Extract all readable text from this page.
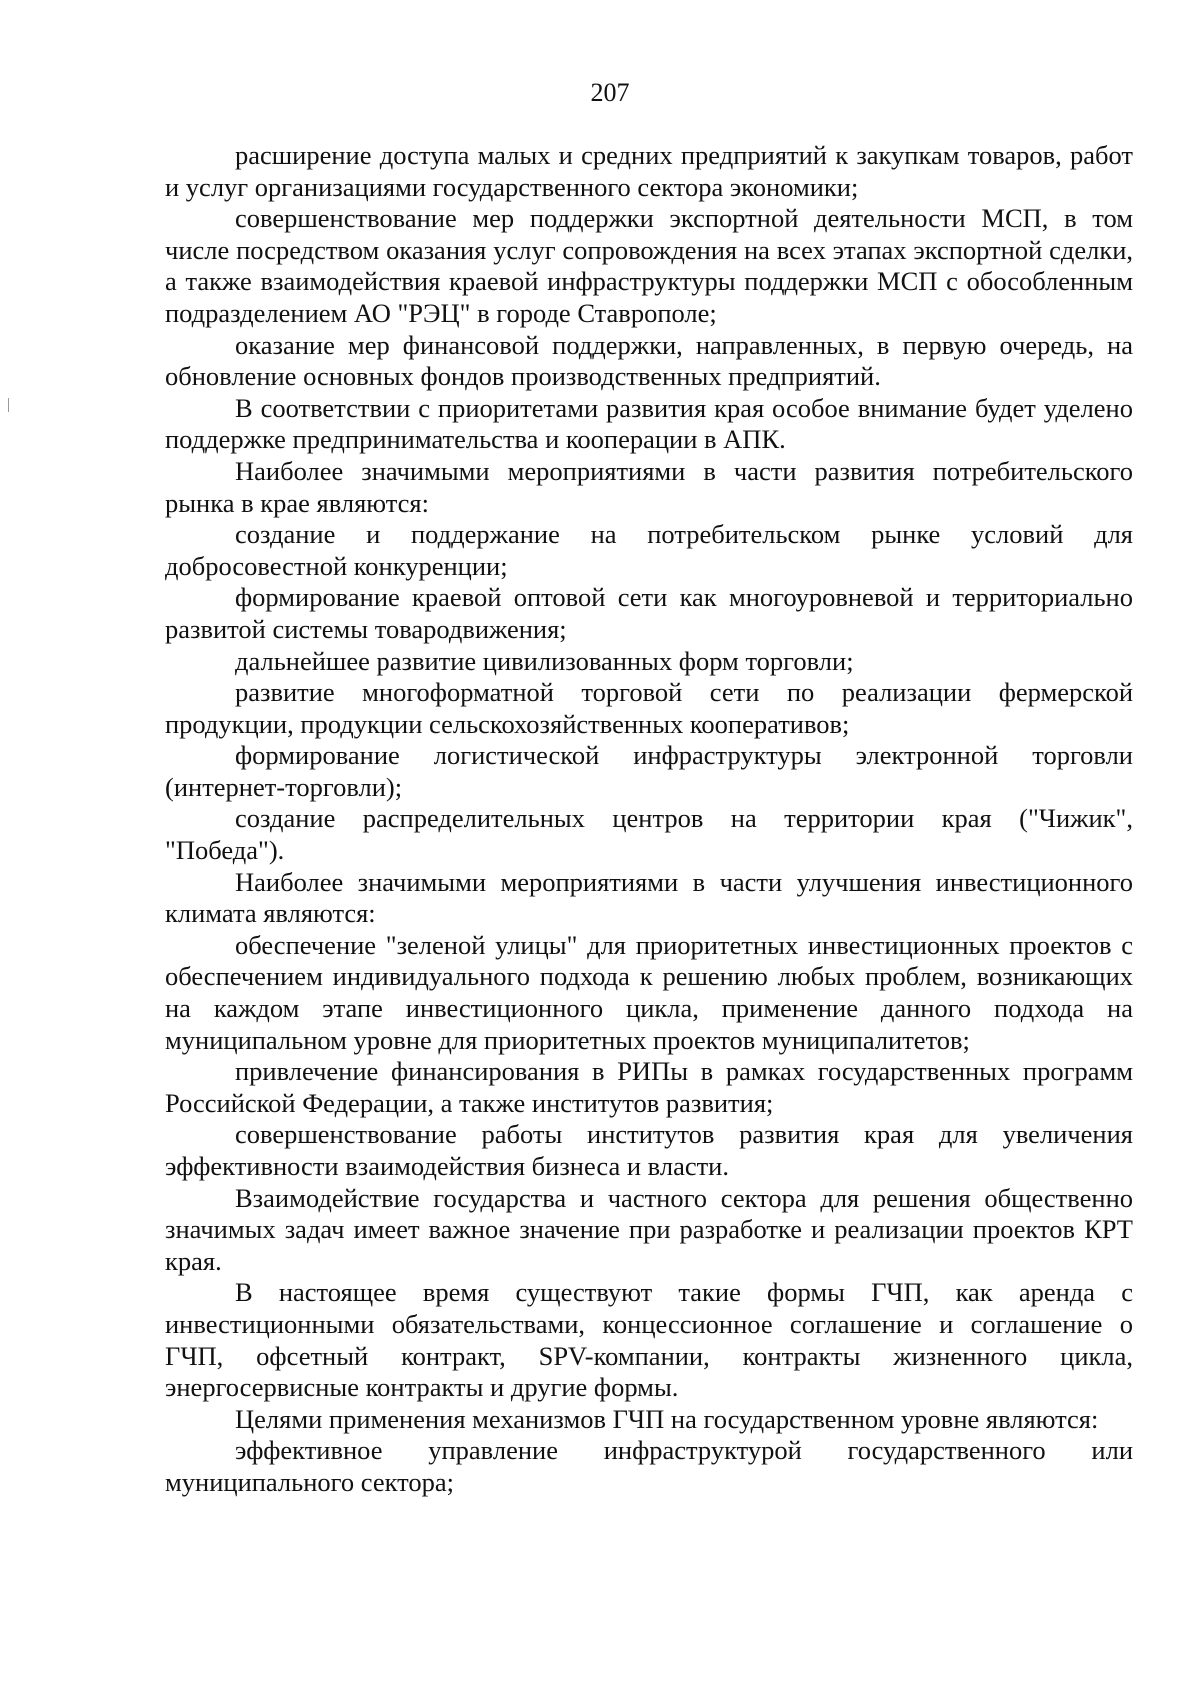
207

расширение доступа малых и средних предприятий к закупкам товаров, работ и услуг организациями государственного сектора экономики;

совершенствование мер поддержки экспортной деятельности МСП, в том числе посредством оказания услуг сопровождения на всех этапах экспортной сделки, а также взаимодействия краевой инфраструктуры поддержки МСП с обособленным подразделением АО "РЭЦ" в городе Ставрополе;

оказание мер финансовой поддержки, направленных, в первую очередь, на обновление основных фондов производственных предприятий.

В соответствии с приоритетами развития края особое внимание будет уделено поддержке предпринимательства и кооперации в АПК.

Наиболее значимыми мероприятиями в части развития потребительского рынка в крае являются:

создание и поддержание на потребительском рынке условий для добросовестной конкуренции;

формирование краевой оптовой сети как многоуровневой и территориально развитой системы товародвижения;

дальнейшее развитие цивилизованных форм торговли;

развитие многоформатной торговой сети по реализации фермерской продукции, продукции сельскохозяйственных кооперативов;

формирование логистической инфраструктуры электронной торговли (интернет-торговли);

создание распределительных центров на территории края ("Чижик", "Победа").

Наиболее значимыми мероприятиями в части улучшения инвестиционного климата являются:

обеспечение "зеленой улицы" для приоритетных инвестиционных проектов с обеспечением индивидуального подхода к решению любых проблем, возникающих на каждом этапе инвестиционного цикла, применение данного подхода на муниципальном уровне для приоритетных проектов муниципалитетов;

привлечение финансирования в РИПы в рамках государственных программ Российской Федерации, а также институтов развития;

совершенствование работы институтов развития края для увеличения эффективности взаимодействия бизнеса и власти.

Взаимодействие государства и частного сектора для решения общественно значимых задач имеет важное значение при разработке и реализации проектов КРТ края.

В настоящее время существуют такие формы ГЧП, как аренда с инвестиционными обязательствами, концессионное соглашение и соглашение о ГЧП, офсетный контракт, SPV-компании, контракты жизненного цикла, энергосервисные контракты и другие формы.

Целями применения механизмов ГЧП на государственном уровне являются:

эффективное управление инфраструктурой государственного или муниципального сектора;
